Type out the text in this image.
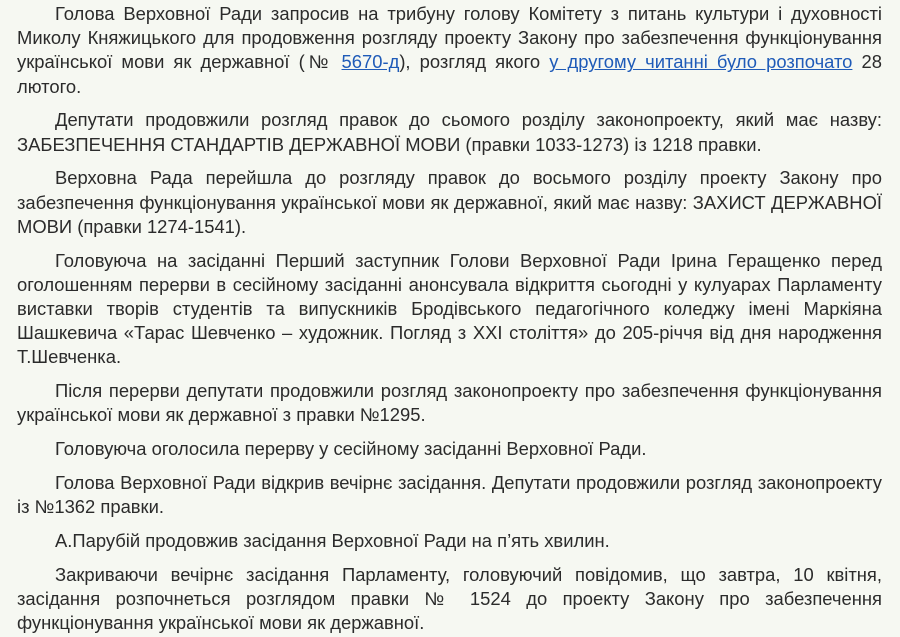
Голова Верховної Ради запросив на трибуну голову Комітету з питань культури і духовності Миколу Княжицького для продовження розгляду проекту Закону про забезпечення функціонування української мови як державної (№ 5670-д), розгляд якого у другому читанні було розпочато 28 лютого.

Депутати продовжили розгляд правок до сьомого розділу законопроекту, який має назву: ЗАБЕЗПЕЧЕННЯ СТАНДАРТІВ ДЕРЖАВНОЇ МОВИ (правки 1033-1273) із 1218 правки.

Верховна Рада перейшла до розгляду правок до восьмого розділу проекту Закону про забезпечення функціонування української мови як державної, який має назву: ЗАХИСТ ДЕРЖАВНОЇ МОВИ (правки 1274-1541).

Головуюча на засіданні Перший заступник Голови Верховної Ради Ірина Геращенко перед оголошенням перерви в сесійному засіданні анонсувала відкриття сьогодні у кулуарах Парламенту виставки творів студентів та випускників Бродівського педагогічного коледжу імені Маркіяна Шашкевича «Тарас Шевченко – художник. Погляд з XXI століття» до 205-річчя від дня народження Т.Шевченка.

Після перерви депутати продовжили розгляд законопроекту про забезпечення функціонування української мови як державної з правки №1295.

Головуюча оголосила перерву у сесійному засіданні Верховної Ради.

Голова Верховної Ради відкрив вечірнє засідання. Депутати продовжили розгляд законопроекту із №1362 правки.

А.Парубій продовжив засідання Верховної Ради на п’ять хвилин.

Закриваючи вечірнє засідання Парламенту, головуючий повідомив, що завтра, 10 квітня, засідання розпочнеться розглядом правки № 1524 до проекту Закону про забезпечення функціонування української мови як державної.
